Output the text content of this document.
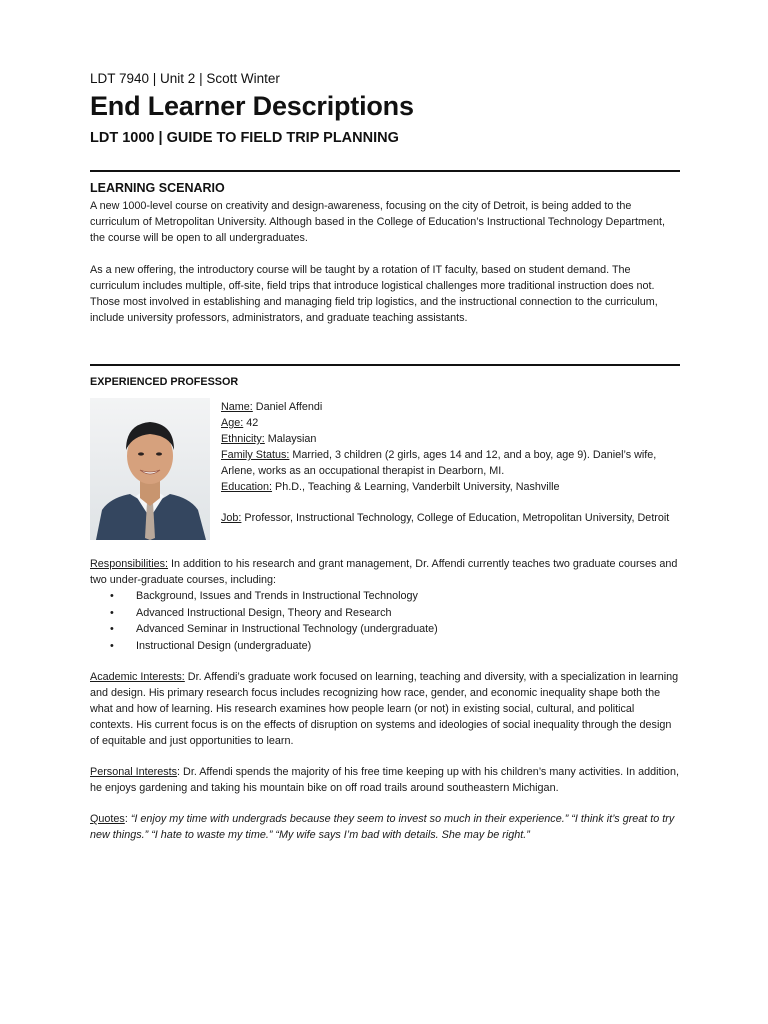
LDT 7940 | Unit 2 | Scott Winter
End Learner Descriptions
LDT 1000 | GUIDE TO FIELD TRIP PLANNING
LEARNING SCENARIO
A new 1000-level course on creativity and design-awareness, focusing on the city of Detroit, is being added to the curriculum of Metropolitan University. Although based in the College of Education’s Instructional Technology Department, the course will be open to all undergraduates.
As a new offering, the introductory course will be taught by a rotation of IT faculty, based on student demand. The curriculum includes multiple, off-site, field trips that introduce logistical challenges more traditional instruction does not. Those most involved in establishing and managing field trip logistics, and the instructional connection to the curriculum, include university professors, administrators, and graduate teaching assistants.
EXPERIENCED PROFESSOR
Name: Daniel Affendi
Age: 42
Ethnicity: Malaysian
Family Status: Married, 3 children (2 girls, ages 14 and 12, and a boy, age 9). Daniel’s wife, Arlene, works as an occupational therapist in Dearborn, MI.
Education: Ph.D., Teaching & Learning, Vanderbilt University, Nashville
Job: Professor, Instructional Technology, College of Education, Metropolitan University, Detroit
Responsibilities: In addition to his research and grant management, Dr. Affendi currently teaches two graduate courses and two under-graduate courses, including:
• Background, Issues and Trends in Instructional Technology
• Advanced Instructional Design, Theory and Research
• Advanced Seminar in Instructional Technology (undergraduate)
• Instructional Design (undergraduate)
Academic Interests: Dr. Affendi’s graduate work focused on learning, teaching and diversity, with a specialization in learning and design. His primary research focus includes recognizing how race, gender, and economic inequality shape both the what and how of learning. His research examines how people learn (or not) in existing social, cultural, and political contexts. His current focus is on the effects of disruption on systems and ideologies of social inequality through the design of equitable and just opportunities to learn.
Personal Interests: Dr. Affendi spends the majority of his free time keeping up with his children’s many activities. In addition, he enjoys gardening and taking his mountain bike on off road trails around southeastern Michigan.
Quotes: “I enjoy my time with undergrads because they seem to invest so much in their experience.” “I think it’s great to try new things.” “I hate to waste my time.” “My wife says I’m bad with details. She may be right.”
